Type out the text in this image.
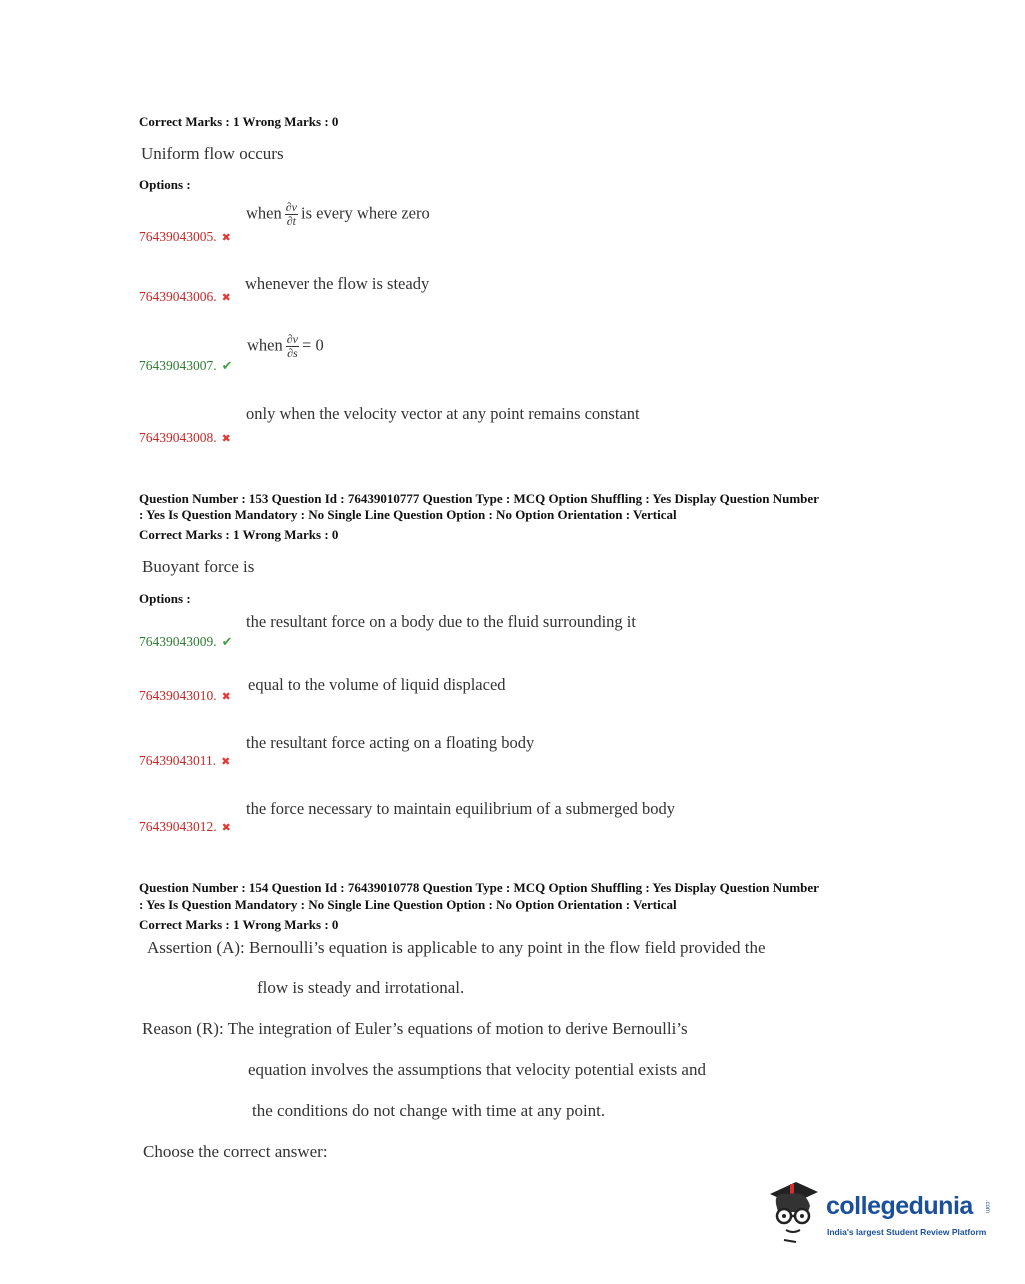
Correct Marks : 1 Wrong Marks : 0
Uniform flow occurs
Options :
when $\frac{\partial v}{\partial t}$ is every where zero
76439043005. ✖
whenever the flow is steady
76439043006. ✖
when $\frac{\partial v}{\partial s} = 0$
76439043007. ✔
only when the velocity vector at any point remains constant
76439043008. ✖
Question Number : 153 Question Id : 76439010777 Question Type : MCQ Option Shuffling : Yes Display Question Number
: Yes Is Question Mandatory : No Single Line Question Option : No Option Orientation : Vertical
Correct Marks : 1 Wrong Marks : 0
Buoyant force is
Options :
the resultant force on a body due to the fluid surrounding it
76439043009. ✔
equal to the volume of liquid displaced
76439043010. ✖
the resultant force acting on a floating body
76439043011. ✖
the force necessary to maintain equilibrium of a submerged body
76439043012. ✖
Question Number : 154 Question Id : 76439010778 Question Type : MCQ Option Shuffling : Yes Display Question Number
: Yes Is Question Mandatory : No Single Line Question Option : No Option Orientation : Vertical
Correct Marks : 1 Wrong Marks : 0
Assertion (A): Bernoulli’s equation is applicable to any point in the flow field provided the
flow is steady and irrotational.
Reason (R): The integration of Euler’s equations of motion to derive Bernoulli’s
equation involves the assumptions that velocity potential exists and
the conditions do not change with time at any point.
Choose the correct answer:
collegedunia .com
India's largest Student Review Platform
